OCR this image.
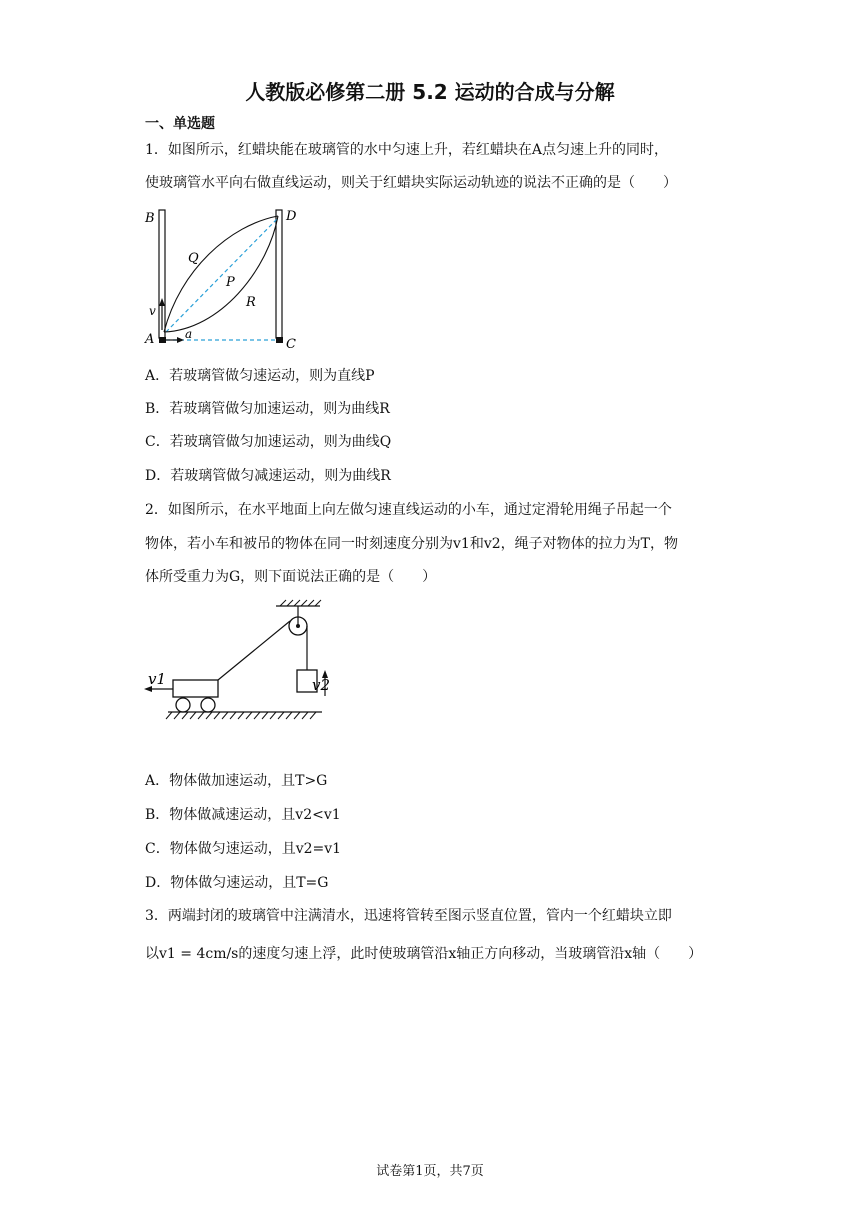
人教版必修第二册 5.2 运动的合成与分解
一、单选题
1．如图所示，红蜡块能在玻璃管的水中匀速上升，若红蜡块在A点匀速上升的同时，
使玻璃管水平向右做直线运动，则关于红蜡块实际运动轨迹的说法不正确的是（　　）
B	D
Q
P
R
v
A	a
C
A．若玻璃管做匀速运动，则为直线P
B．若玻璃管做匀加速运动，则为曲线R
C．若玻璃管做匀加速运动，则为曲线Q
D．若玻璃管做匀减速运动，则为曲线R
2．如图所示，在水平地面上向左做匀速直线运动的小车，通过定滑轮用绳子吊起一个
物体，若小车和被吊的物体在同一时刻速度分别为v1和v2，绳子对物体的拉力为T，物
体所受重力为G，则下面说法正确的是（　　）
v1	v2
A．物体做加速运动，且T>G
B．物体做减速运动，且v2<v1
C．物体做匀速运动，且v2=v1
D．物体做匀速运动，且T=G
3．两端封闭的玻璃管中注满清水，迅速将管转至图示竖直位置，管内一个红蜡块立即
以v1 = 4cm/s的速度匀速上浮，此时使玻璃管沿x轴正方向移动，当玻璃管沿x轴（　　）
试卷第1页，共7页
